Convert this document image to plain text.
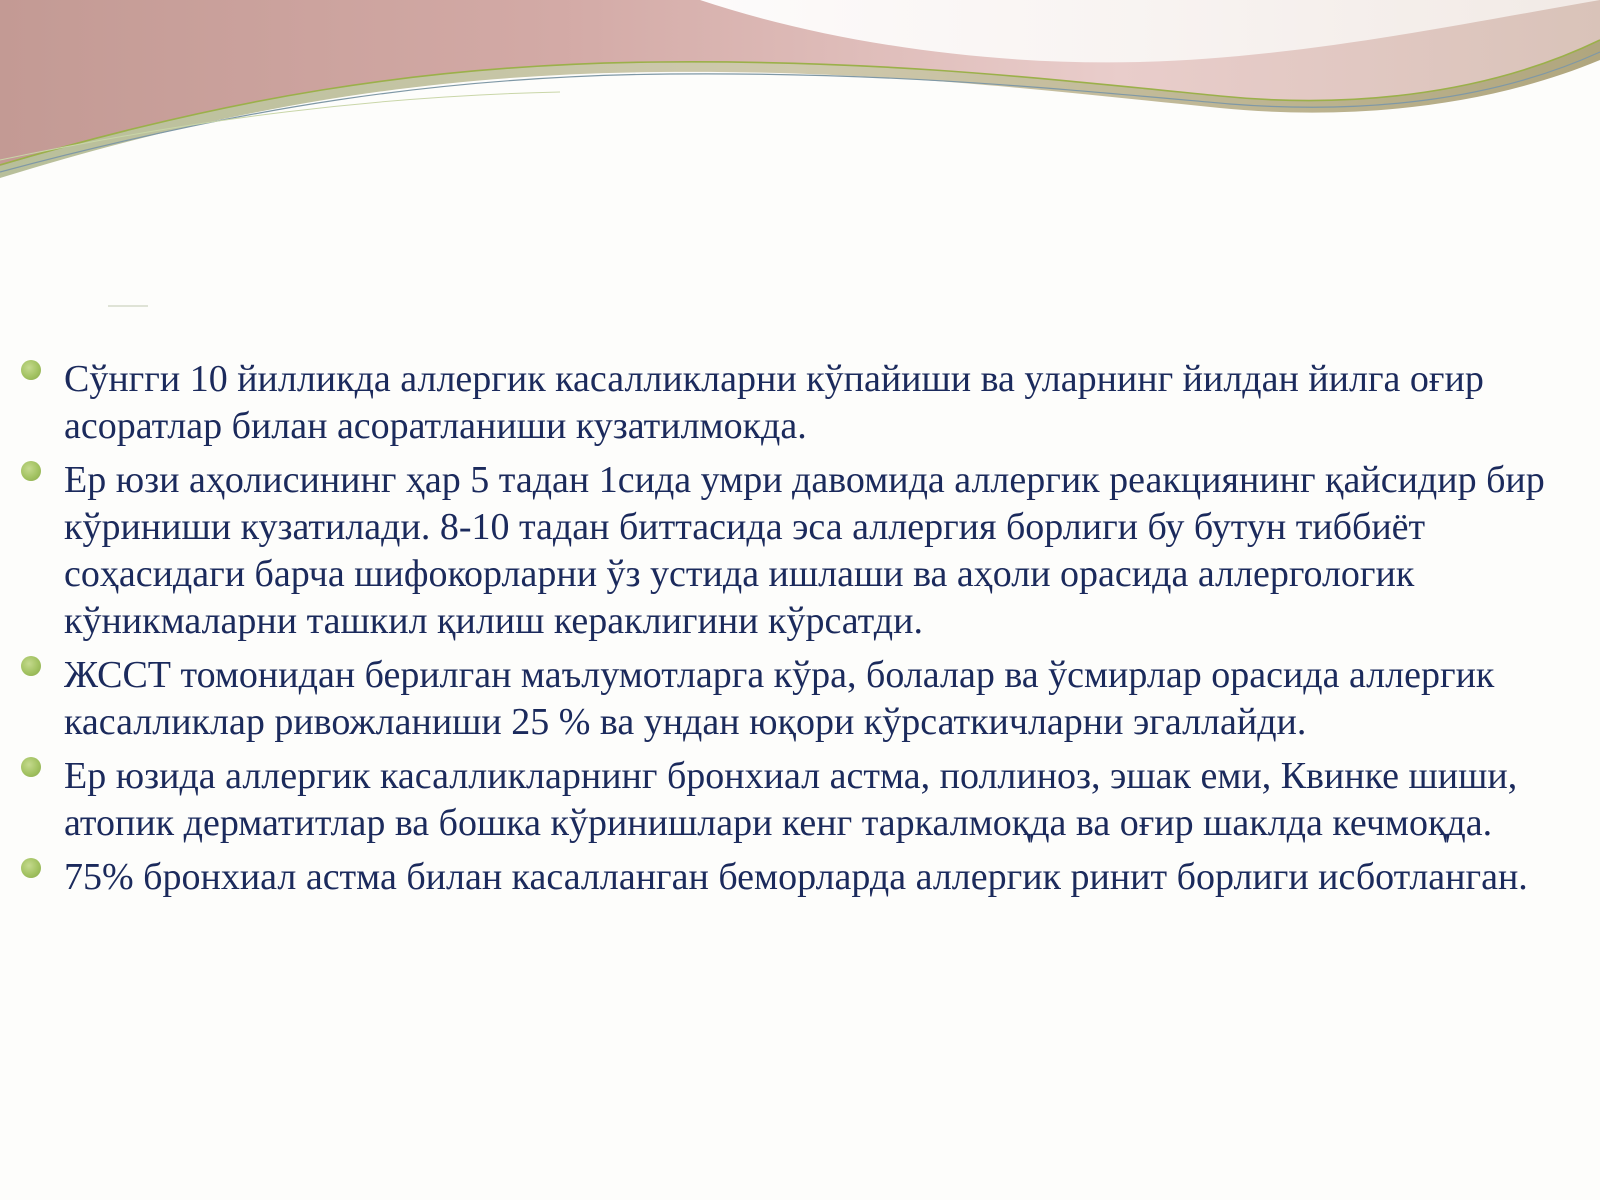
Сўнгги 10 йилликда аллергик касалликларни кўпайиши ва уларнинг йилдан йилга оғир асоратлар билан асоратланиши кузатилмокда.
Ер юзи аҳолисининг ҳар 5 тадан 1сида умри давомида аллергик реакциянинг қайсидир бир кўриниши кузатилади. 8-10 тадан биттасида эса аллергия борлиги бу бутун тиббиёт соҳасидаги барча шифокорларни ўз устида ишлаши ва аҳоли орасида аллергологик кўникмаларни ташкил қилиш кераклигини кўрсатди.
ЖССТ томонидан берилган маълумотларга кўра, болалар ва ўсмирлар орасида аллергик касалликлар ривожланиши 25 % ва ундан юқори кўрсаткичларни эгаллайди.
Ер юзида аллергик касалликларнинг бронхиал астма, поллиноз, эшак еми, Квинке шиши, атопик дерматитлар ва бошка кўринишлари кенг таркалмоқда ва оғир шаклда кечмоқда.
75% бронхиал астма билан касалланган беморларда аллергик ринит борлиги исботланган.
